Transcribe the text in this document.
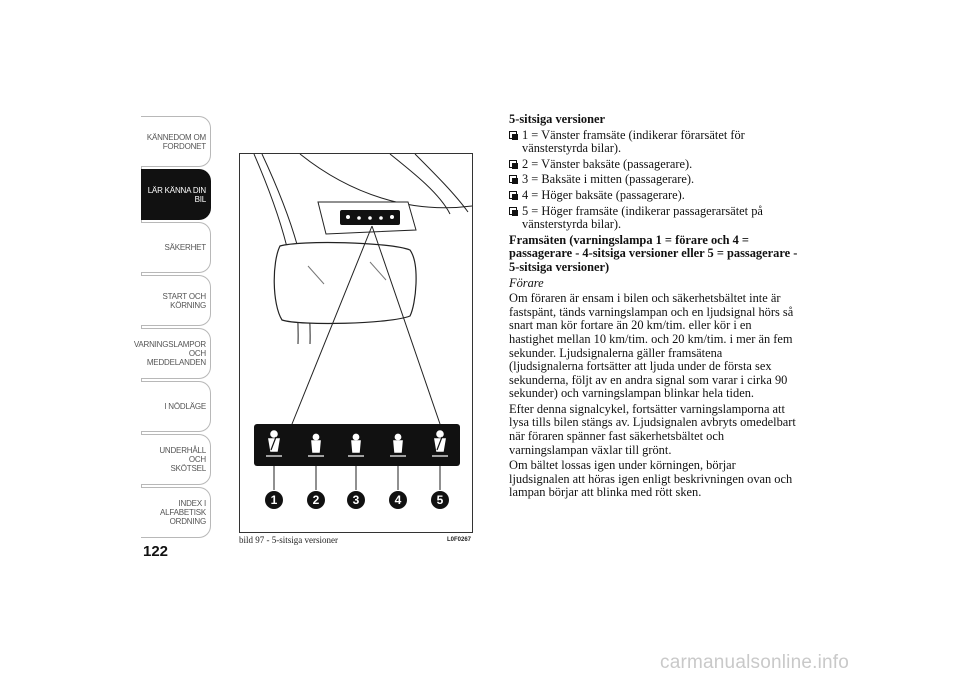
KÄNNEDOM OM
FORDONET
LÄR KÄNNA DIN
BIL
SÄKERHET
START OCH
KÖRNING
VARNINGSLAMPOR
OCH
MEDDELANDEN
I NÖDLÄGE
UNDERHÅLL OCH
SKÖTSEL
INDEX I
ALFABETISK
ORDNING
122
1	2	3	4	5
bild 97 - 5-sitsiga versioner	L0F0267

5-sitsiga versioner

1 = Vänster framsäte (indikerar förarsätet för vänsterstyrda bilar).

2 = Vänster baksäte (passagerare).

3 = Baksäte i mitten (passagerare).

4 = Höger baksäte (passagerare).

5 = Höger framsäte (indikerar passagerarsätet på vänsterstyrda bilar).

Framsäten (varningslampa 1 = förare och 4 = passagerare - 4-sitsiga versioner eller 5 = passagerare - 5-sitsiga versioner)

Förare

Om föraren är ensam i bilen och säkerhetsbältet inte är fastspänt, tänds varningslampan och en ljudsignal hörs så snart man kör fortare än 20 km/tim. eller kör i en hastighet mellan 10 km/tim. och 20 km/tim. i mer än fem sekunder. Ljudsignalerna gäller framsätena (ljudsignalerna fortsätter att ljuda under de första sex sekunderna, följt av en andra signal som varar i cirka 90 sekunder) och varningslampan blinkar hela tiden.

Efter denna signalcykel, fortsätter varningslamporna att lysa tills bilen stängs av. Ljudsignalen avbryts omedelbart när föraren spänner fast säkerhetsbältet och varningslampan växlar till grönt.

Om bältet lossas igen under körningen, börjar ljudsignalen att höras igen enligt beskrivningen ovan och lampan börjar att blinka med rött sken.

carmanualsonline.info
